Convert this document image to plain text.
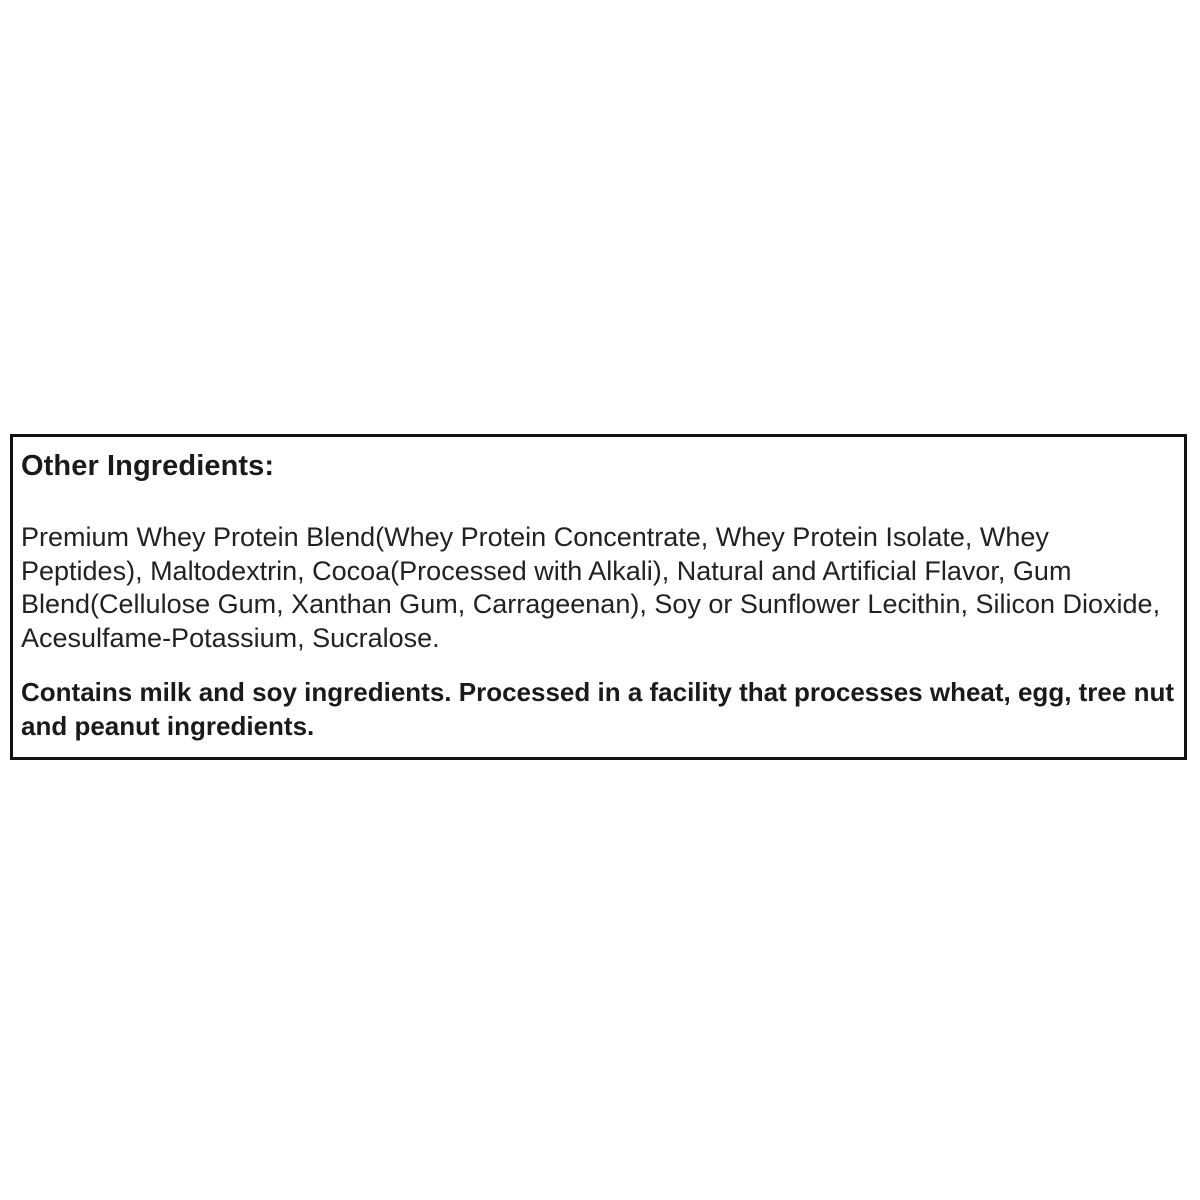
Other Ingredients:

Premium Whey Protein Blend(Whey Protein Concentrate, Whey Protein Isolate, Whey Peptides), Maltodextrin, Cocoa(Processed with Alkali), Natural and Artificial Flavor, Gum Blend(Cellulose Gum, Xanthan Gum, Carrageenan), Soy or Sunflower Lecithin, Silicon Dioxide, Acesulfame-Potassium, Sucralose.

Contains milk and soy ingredients. Processed in a facility that processes wheat, egg, tree nut and peanut ingredients.
